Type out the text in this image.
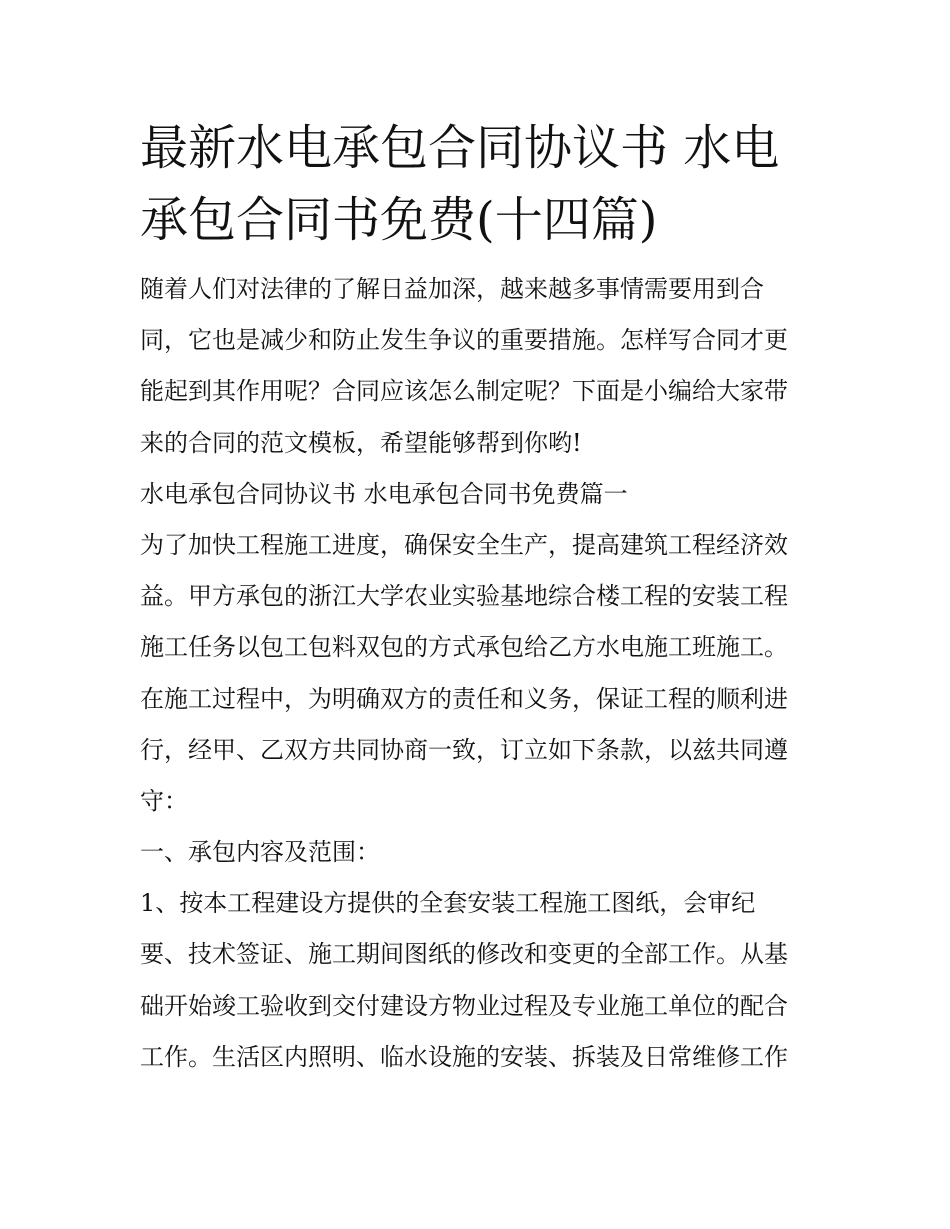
最新水电承包合同协议书 水电
承包合同书免费(十四篇)
随着人们对法律的了解日益加深，越来越多事情需要用到合
同，它也是减少和防止发生争议的重要措施。怎样写合同才更
能起到其作用呢？合同应该怎么制定呢？下面是小编给大家带
来的合同的范文模板，希望能够帮到你哟!
水电承包合同协议书 水电承包合同书免费篇一
为了加快工程施工进度，确保安全生产，提高建筑工程经济效
益。甲方承包的浙江大学农业实验基地综合楼工程的安装工程
施工任务以包工包料双包的方式承包给乙方水电施工班施工。
在施工过程中，为明确双方的责任和义务，保证工程的顺利进
行，经甲、乙双方共同协商一致，订立如下条款，以兹共同遵
守：
一、承包内容及范围：
1、按本工程建设方提供的全套安装工程施工图纸，会审纪
要、技术签证、施工期间图纸的修改和变更的全部工作。从基
础开始竣工验收到交付建设方物业过程及专业施工单位的配合
工作。生活区内照明、临水设施的安装、拆装及日常维修工作
